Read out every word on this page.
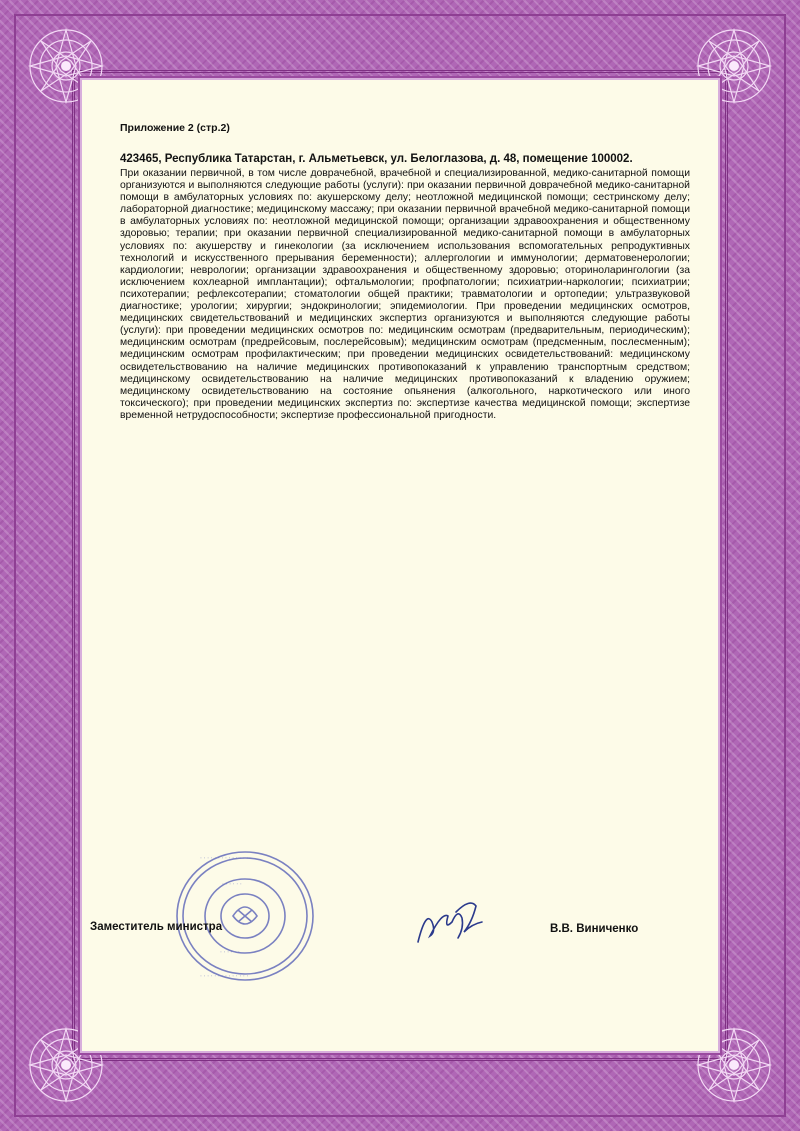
Приложение 2 (стр.2)
423465, Республика Татарстан, г. Альметьевск, ул. Белоглазова, д. 48, помещение 100002.
При оказании первичной, в том числе доврачебной, врачебной и специализированной, медико-санитарной помощи организуются и выполняются следующие работы (услуги): при оказании первичной доврачебной медико-санитарной помощи в амбулаторных условиях по: акушерскому делу; неотложной медицинской помощи; сестринскому делу; лабораторной диагностике; медицинскому массажу; при оказании первичной врачебной медико-санитарной помощи в амбулаторных условиях по: неотложной медицинской помощи; организации здравоохранения и общественному здоровью; терапии; при оказании первичной специализированной медико-санитарной помощи в амбулаторных условиях по: акушерству и гинекологии (за исключением использования вспомогательных репродуктивных технологий и искусственного прерывания беременности); аллергологии и иммунологии; дерматовенерологии; кардиологии; неврологии; организации здравоохранения и общественному здоровью; оториноларингологии (за исключением кохлеарной имплантации); офтальмологии; профпатологии; психиатрии-наркологии; психиатрии; психотерапии; рефлексотерапии; стоматологии общей практики; травматологии и ортопедии; ультразвуковой диагностике; урологии; хирургии; эндокринологии; эпидемиологии. При проведении медицинских осмотров, медицинских свидетельствований и медицинских экспертиз организуются и выполняются следующие работы (услуги): при проведении медицинских осмотров по: медицинским осмотрам (предварительным, периодическим); медицинским осмотрам (предрейсовым, послерейсовым); медицинским осмотрам (предсменным, послесменным); медицинским осмотрам профилактическим; при проведении медицинских освидетельствований: медицинскому освидетельствованию на наличие медицинских противопоказаний к управлению транспортным средством; медицинскому освидетельствованию на наличие медицинских противопоказаний к владению оружием; медицинскому освидетельствованию на состояние опьянения (алкогольного, наркотического или иного токсического); при проведении медицинских экспертиз по: экспертизе качества медицинской помощи; экспертизе временной нетрудоспособности; экспертизе профессиональной пригодности.
‧ ‧ ‧ ‧ ‧ ‧ ‧ ‧ ‧ ‧ ‧ ‧ ‧ ‧
‧ ‧ ‧ ‧ ‧ ‧
‧ ‧ ‧ ‧ ‧ ‧
‧ ‧ ‧ ‧ ‧ ‧ ‧ ‧ ‧ ‧ ‧ ‧ ‧ ‧
Заместитель министра	В.В. Виниченко
